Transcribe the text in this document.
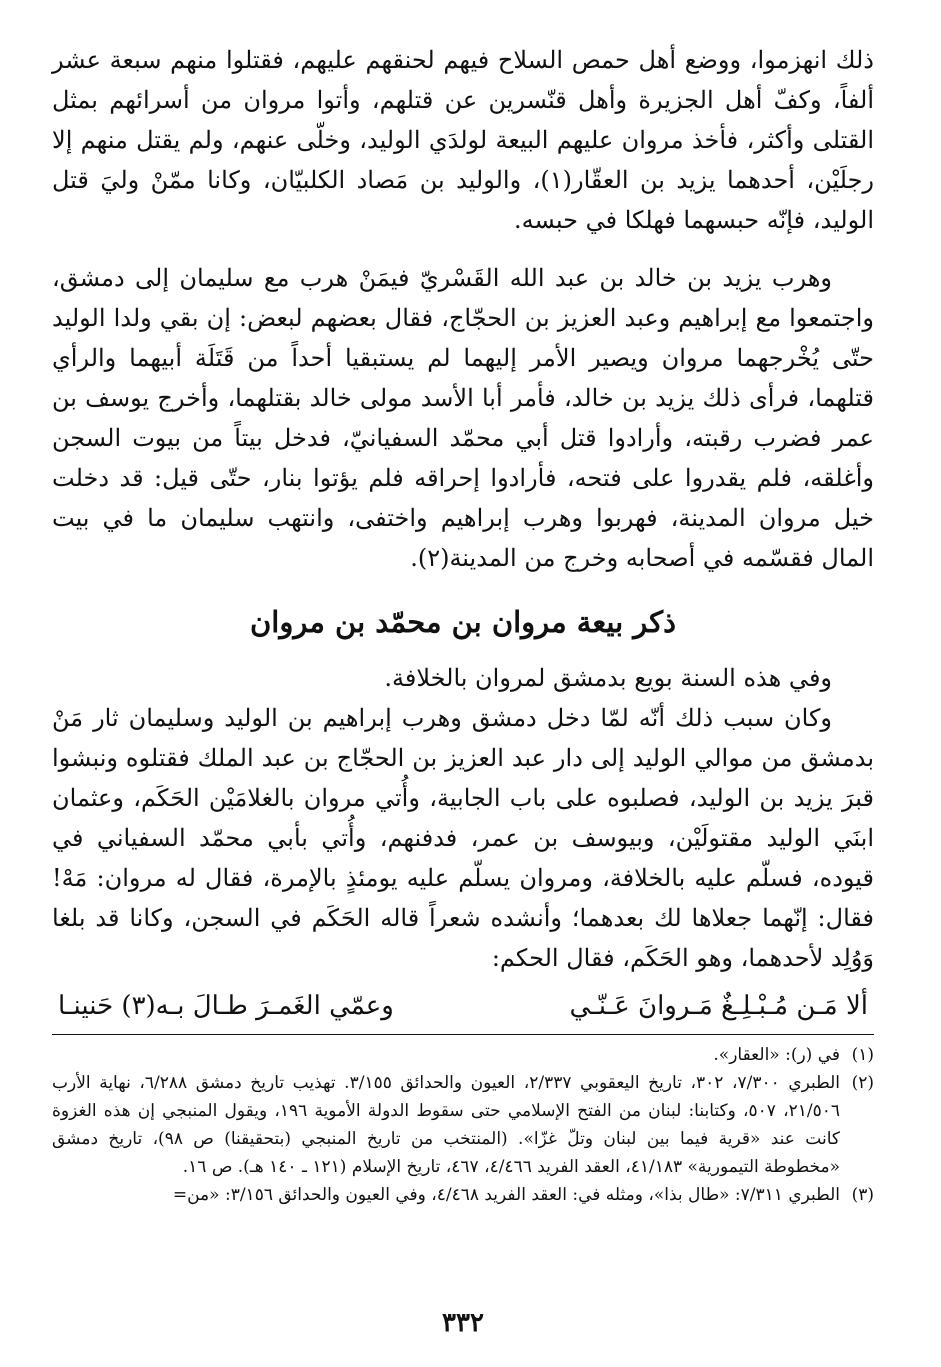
ذلك انهزموا، ووضع أهل حمص السلاح فيهم لحنقهم عليهم، فقتلوا منهم سبعة عشر ألفاً، وكفّ أهل الجزيرة وأهل قنّسرين عن قتلهم، وأتوا مروان من أسرائهم بمثل القتلى وأكثر، فأخذ مروان عليهم البيعة لولدَي الوليد، وخلّى عنهم، ولم يقتل منهم إلا رجلَيْن، أحدهما يزيد بن العقّار(١)، والوليد بن مَصاد الكلبيّان، وكانا ممّنْ وليَ قتل الوليد، فإنّه حبسهما فهلكا في حبسه.

وهرب يزيد بن خالد بن عبد الله القَسْريّ فيمَنْ هرب مع سليمان إلى دمشق، واجتمعوا مع إبراهيم وعبد العزيز بن الحجّاج، فقال بعضهم لبعض: إن بقي ولدا الوليد حتّى يُخْرجهما مروان ويصير الأمر إليهما لم يستبقيا أحداً من قَتَلَة أبيهما والرأي قتلهما، فرأى ذلك يزيد بن خالد، فأمر أبا الأسد مولى خالد بقتلهما، وأخرج يوسف بن عمر فضرب رقبته، وأرادوا قتل أبي محمّد السفيانيّ، فدخل بيتاً من بيوت السجن وأغلقه، فلم يقدروا على فتحه، فأرادوا إحراقه فلم يؤتوا بنار، حتّى قيل: قد دخلت خيل مروان المدينة، فهربوا وهرب إبراهيم واختفى، وانتهب سليمان ما في بيت المال فقسّمه في أصحابه وخرج من المدينة(٢).

ذكر بيعة مروان بن محمّد بن مروان

وفي هذه السنة بويع بدمشق لمروان بالخلافة.

وكان سبب ذلك أنّه لمّا دخل دمشق وهرب إبراهيم بن الوليد وسليمان ثار مَنْ بدمشق من موالي الوليد إلى دار عبد العزيز بن الحجّاج بن عبد الملك فقتلوه ونبشوا قبرَ يزيد بن الوليد، فصلبوه على باب الجابية، وأُتي مروان بالغلامَيْن الحَكَم، وعثمان ابنَي الوليد مقتولَيْن، وبيوسف بن عمر، فدفنهم، وأُتي بأبي محمّد السفياني في قيوده، فسلّم عليه بالخلافة، ومروان يسلّم عليه يومئذٍ بالإمرة، فقال له مروان: مَهْ! فقال: إنّهما جعلاها لك بعدهما؛ وأنشده شعراً قاله الحَكَم في السجن، وكانا قد بلغا وَوُلِد لأحدهما، وهو الحَكَم، فقال الحكم:

ألا مَـن مُـبْـلِـغٌ مَـروانَ عَـنّـي
وعمّي الغَمـرَ طـالَ بـه(٣) حَنينـا
(١)
في (ر): «العقار».
(٢)
الطبري ٧/٣٠٠، ٣٠٢، تاريخ اليعقوبي ٢/٣٣٧، العيون والحدائق ٣/١٥٥. تهذيب تاريخ دمشق ٦/٢٨٨، نهاية الأرب ٢١/٥٠٦، ٥٠٧، وكتابنا: لبنان من الفتح الإسلامي حتى سقوط الدولة الأموية ١٩٦، ويقول المنبجي إن هذه الغزوة كانت عند «قرية فيما بين لبنان وتلّ غزّا». (المنتخب من تاريخ المنبجي (بتحقيقنا) ص ٩٨)، تاريخ دمشق «مخطوطة التيمورية» ٤١/١٨٣، العقد الفريد ٤/٤٦٦، ٤٦٧، تاريخ الإسلام (١٢١ ـ ١٤٠ هـ). ص ١٦.
(٣)
الطبري ٧/٣١١: «طال بذا»، ومثله في: العقد الفريد ٤/٤٦٨، وفي العيون والحدائق ٣/١٥٦: «من=
٣٣٢
